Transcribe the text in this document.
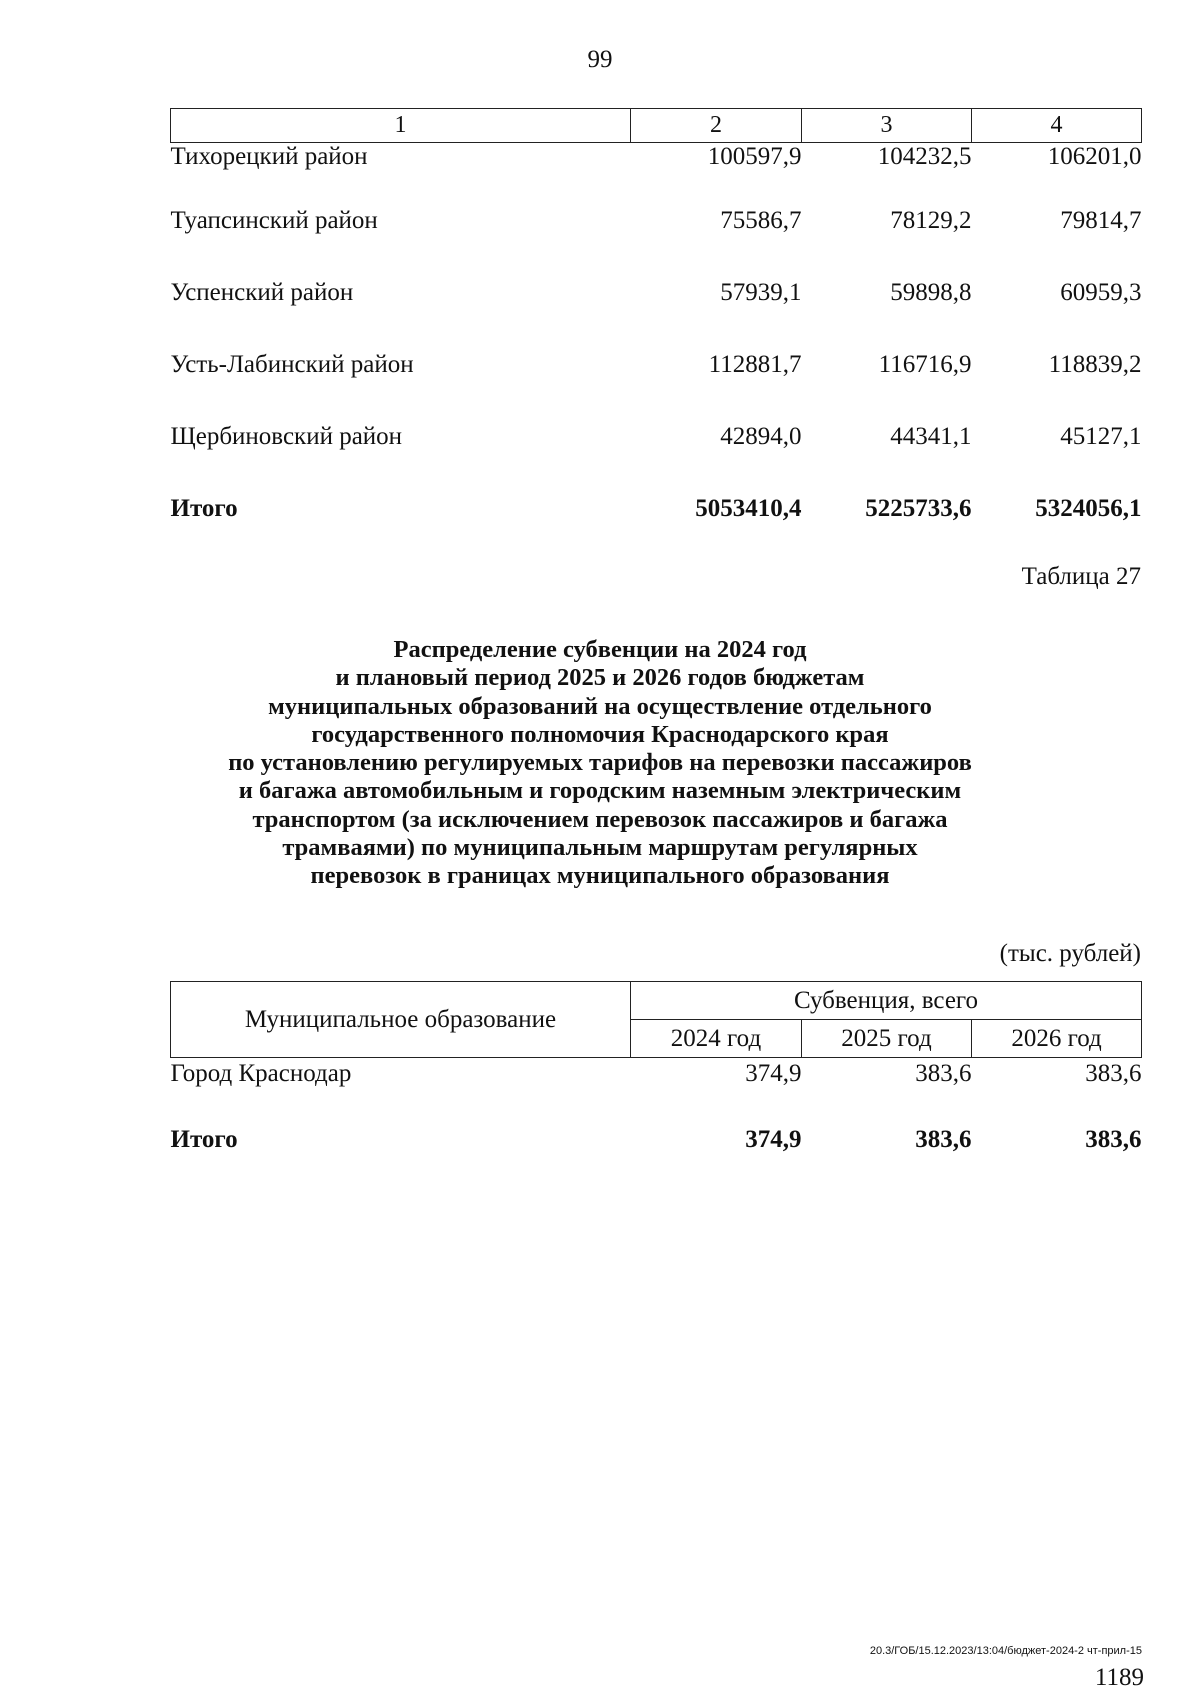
99
1	2	3	4
Тихорецкий район	100597,9	104232,5	106201,0
Туапсинский район	75586,7	78129,2	79814,7
Успенский район	57939,1	59898,8	60959,3
Усть-Лабинский район	112881,7	116716,9	118839,2
Щербиновский район	42894,0	44341,1	45127,1
Итого	5053410,4	5225733,6	5324056,1
Таблица 27
Распределение субвенции на 2024 год
и плановый период 2025 и 2026 годов бюджетам
муниципальных образований на осуществление отдельного
государственного полномочия Краснодарского края
по установлению регулируемых тарифов на перевозки пассажиров
и багажа автомобильным и городским наземным электрическим
транспортом (за исключением перевозок пассажиров и багажа
трамваями) по муниципальным маршрутам регулярных
перевозок в границах муниципального образования
(тыс. рублей)
Муниципальное образование	Субвенция, всего		
	2024 год	2025 год	2026 год
Город Краснодар	374,9	383,6	383,6
Итого	374,9	383,6	383,6
20.3/ГОБ/15.12.2023/13:04/бюджет-2024-2 чт-прил-15
1189
